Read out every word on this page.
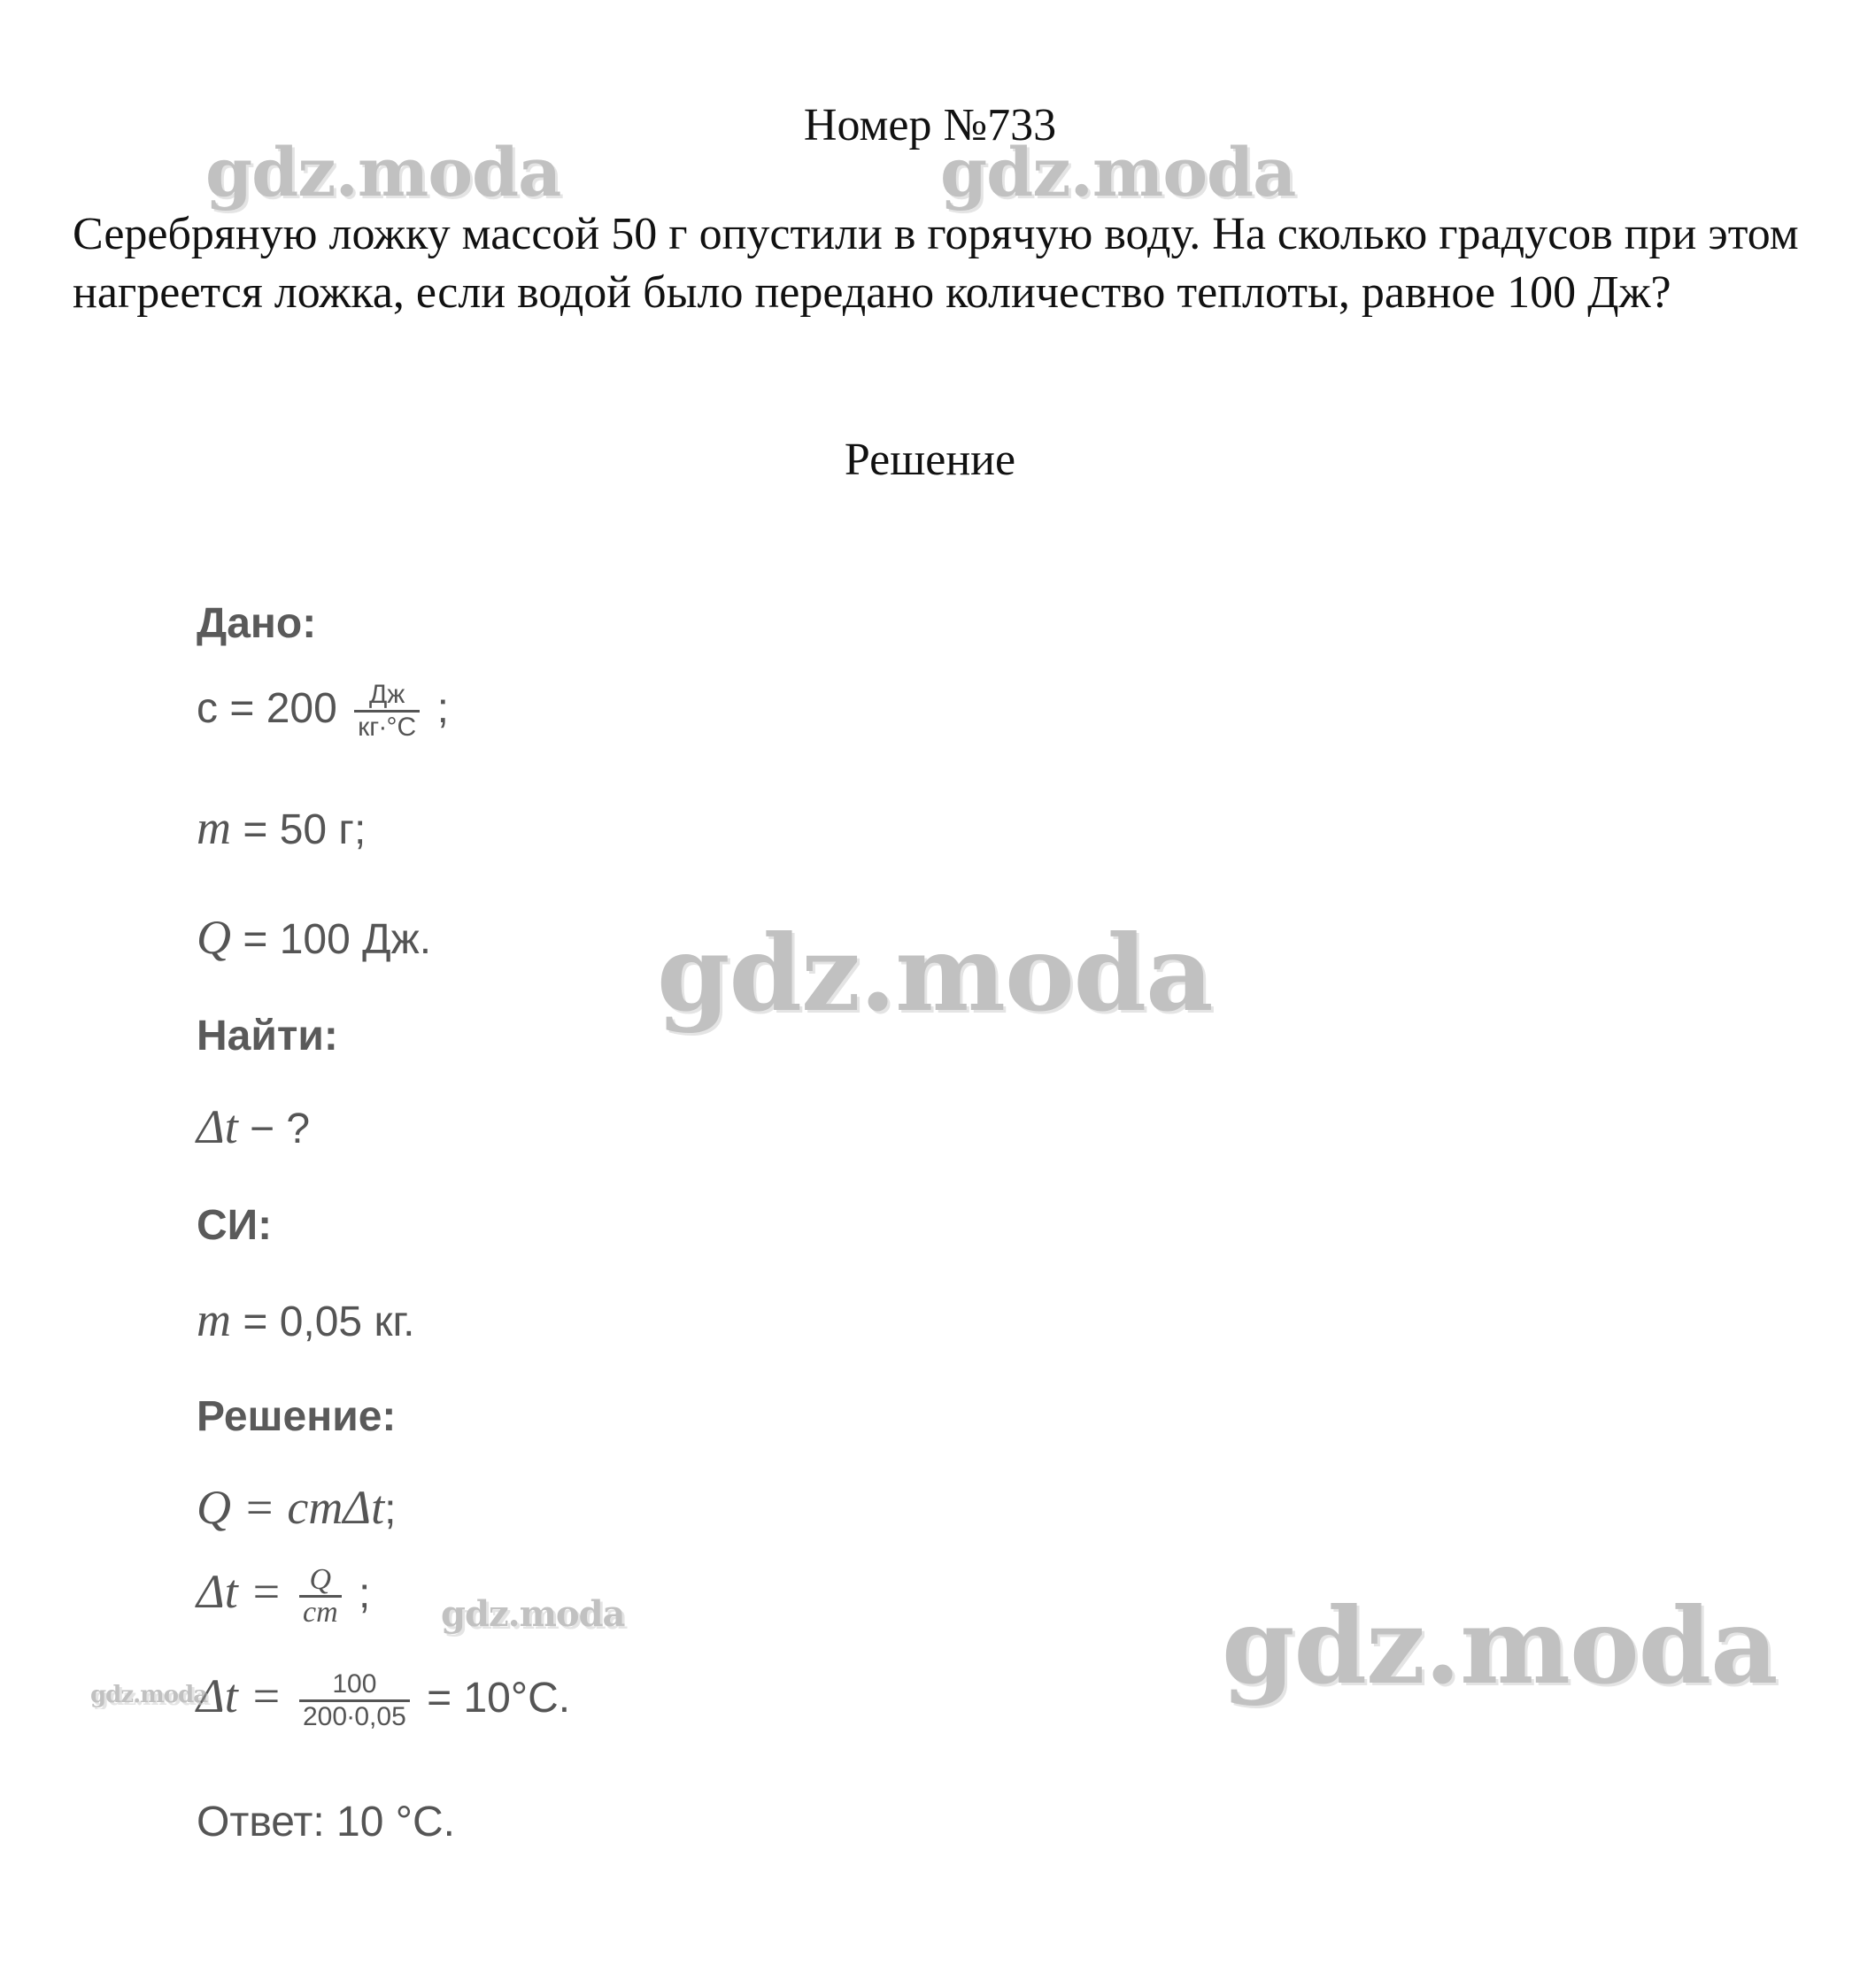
Номер №733

Серебряную ложку массой 50 г опустили в горячую воду. На сколько градусов при этом нагреется ложка, если водой было передано количество теплоты, равное 100 Дж?

Решение
Дано:
$c = 200 \frac{Дж}{кг\cdot^\circ С}$ ;
m = 50 г;
Q = 100 Дж.
Найти:
Δt − ?
СИ:
m = 0,05 кг.
Решение:
Q = cmΔt;
$\Delta t = \frac{Q}{cm}$ ;
$\Delta t = \frac{100}{200\cdot 0,05} = 10^\circ С$.
Ответ: 10 °С.
gdz.moda	gdz.moda
gdz.moda
gdz.moda
gdz.moda
gdz.moda
